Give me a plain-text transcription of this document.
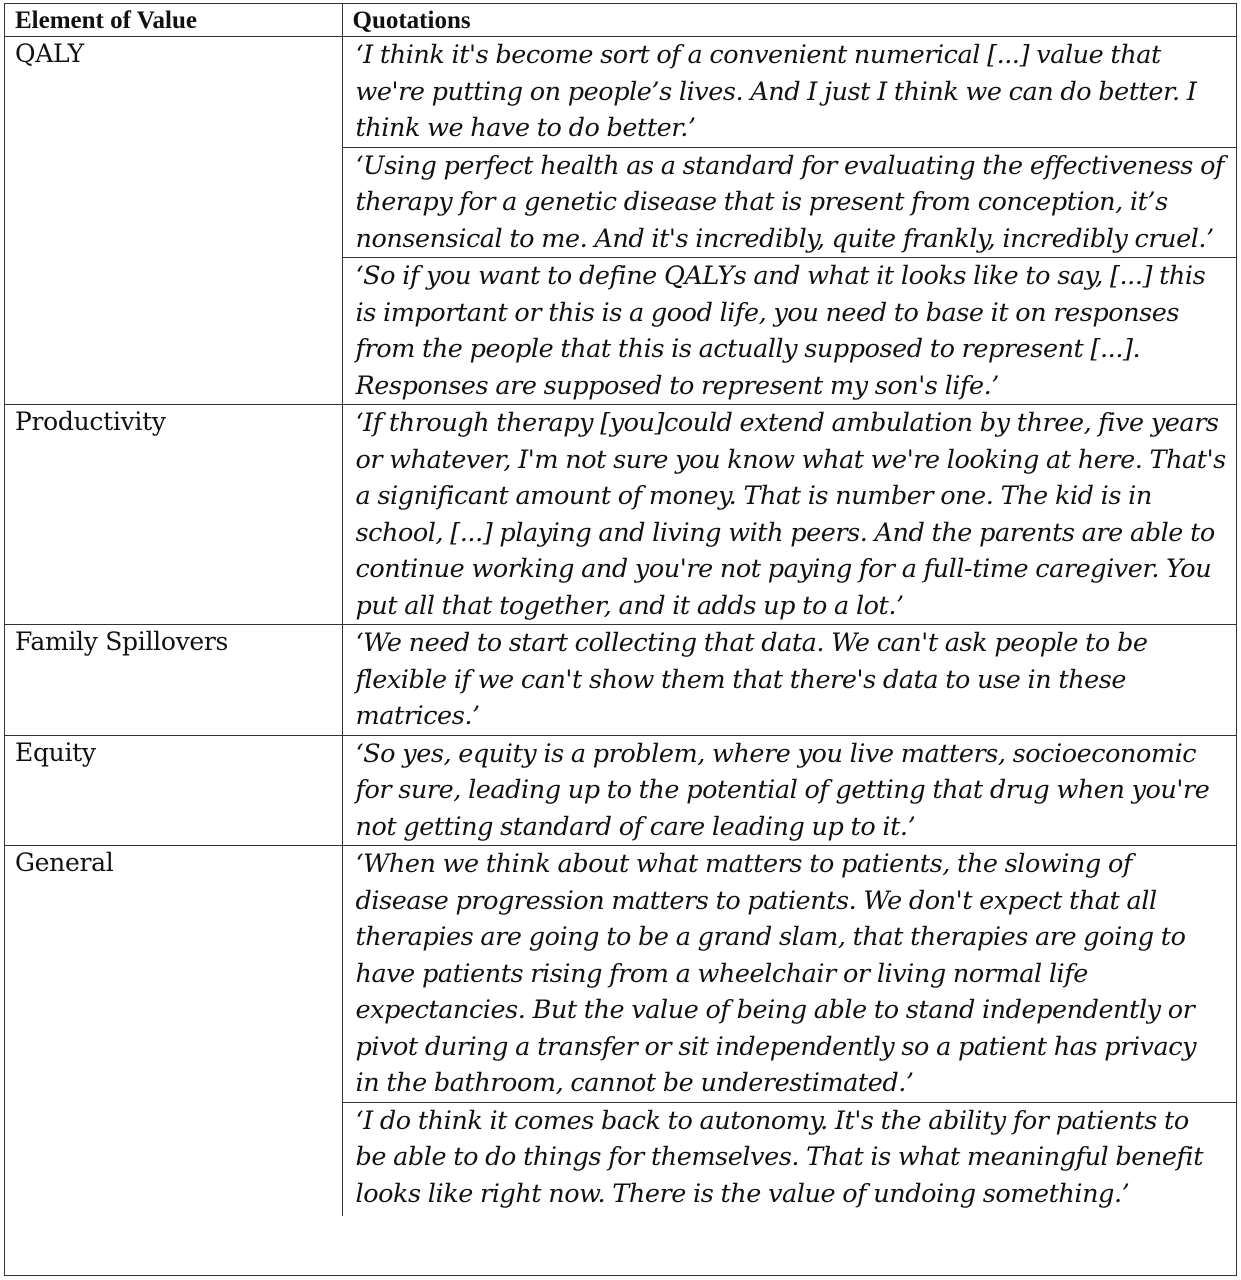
Element of Value	Quotations
QALY	‘I think it's become sort of a convenient numerical [...] value that we're putting on people’s lives. And I just I think we can do better. I think we have to do better.’
‘Using perfect health as a standard for evaluating the effectiveness of therapy for a genetic disease that is present from conception, it’s nonsensical to me. And it's incredibly, quite frankly, incredibly cruel.’
‘So if you want to define QALYs and what it looks like to say, [...] this is important or this is a good life, you need to base it on responses from the people that this is actually supposed to represent [...]. Responses are supposed to represent my son's life.’

Productivity	‘If through therapy [you]could extend ambulation by three, five years or whatever, I'm not sure you know what we're looking at here. That's a significant amount of money. That is number one. The kid is in school, [...] playing and living with peers. And the parents are able to continue working and you're not paying for a full-time caregiver. You put all that together, and it adds up to a lot.’

Family Spillovers	‘We need to start collecting that data. We can't ask people to be flexible if we can't show them that there's data to use in these matrices.’

Equity	‘So yes, equity is a problem, where you live matters, socioeconomic for sure, leading up to the potential of getting that drug when you're not getting standard of care leading up to it.’

General	‘When we think about what matters to patients, the slowing of disease progression matters to patients. We don't expect that all therapies are going to be a grand slam, that therapies are going to have patients rising from a wheelchair or living normal life expectancies. But the value of being able to stand independently or pivot during a transfer or sit independently so a patient has privacy in the bathroom, cannot be underestimated.’
‘I do think it comes back to autonomy. It's the ability for patients to be able to do things for themselves. That is what meaningful benefit looks like right now. There is the value of undoing something.’
